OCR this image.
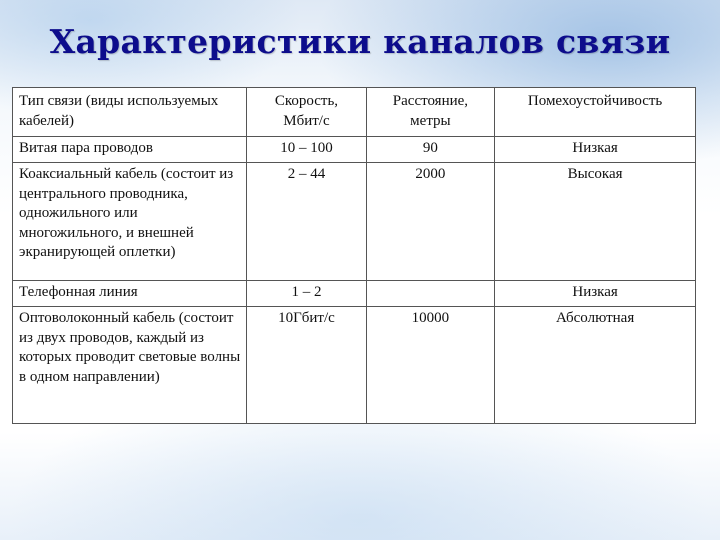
Характеристики каналов связи
Тип связи (виды используемых кабелей)	Скорость, Мбит/с	Расстояние, метры	Помехоустойчивость
Витая пара проводов	10 – 100	90	Низкая
Коаксиальный кабель (состоит из центрального проводника, одножильного или многожильного, и внешней экранирующей оплетки)	2 – 44	2000	Высокая
Телефонная линия	1 – 2		Низкая
Оптоволоконный кабель (состоит из двух проводов, каждый из которых проводит световые волны в одном направлении)	10Гбит/с	10000	Абсолютная
